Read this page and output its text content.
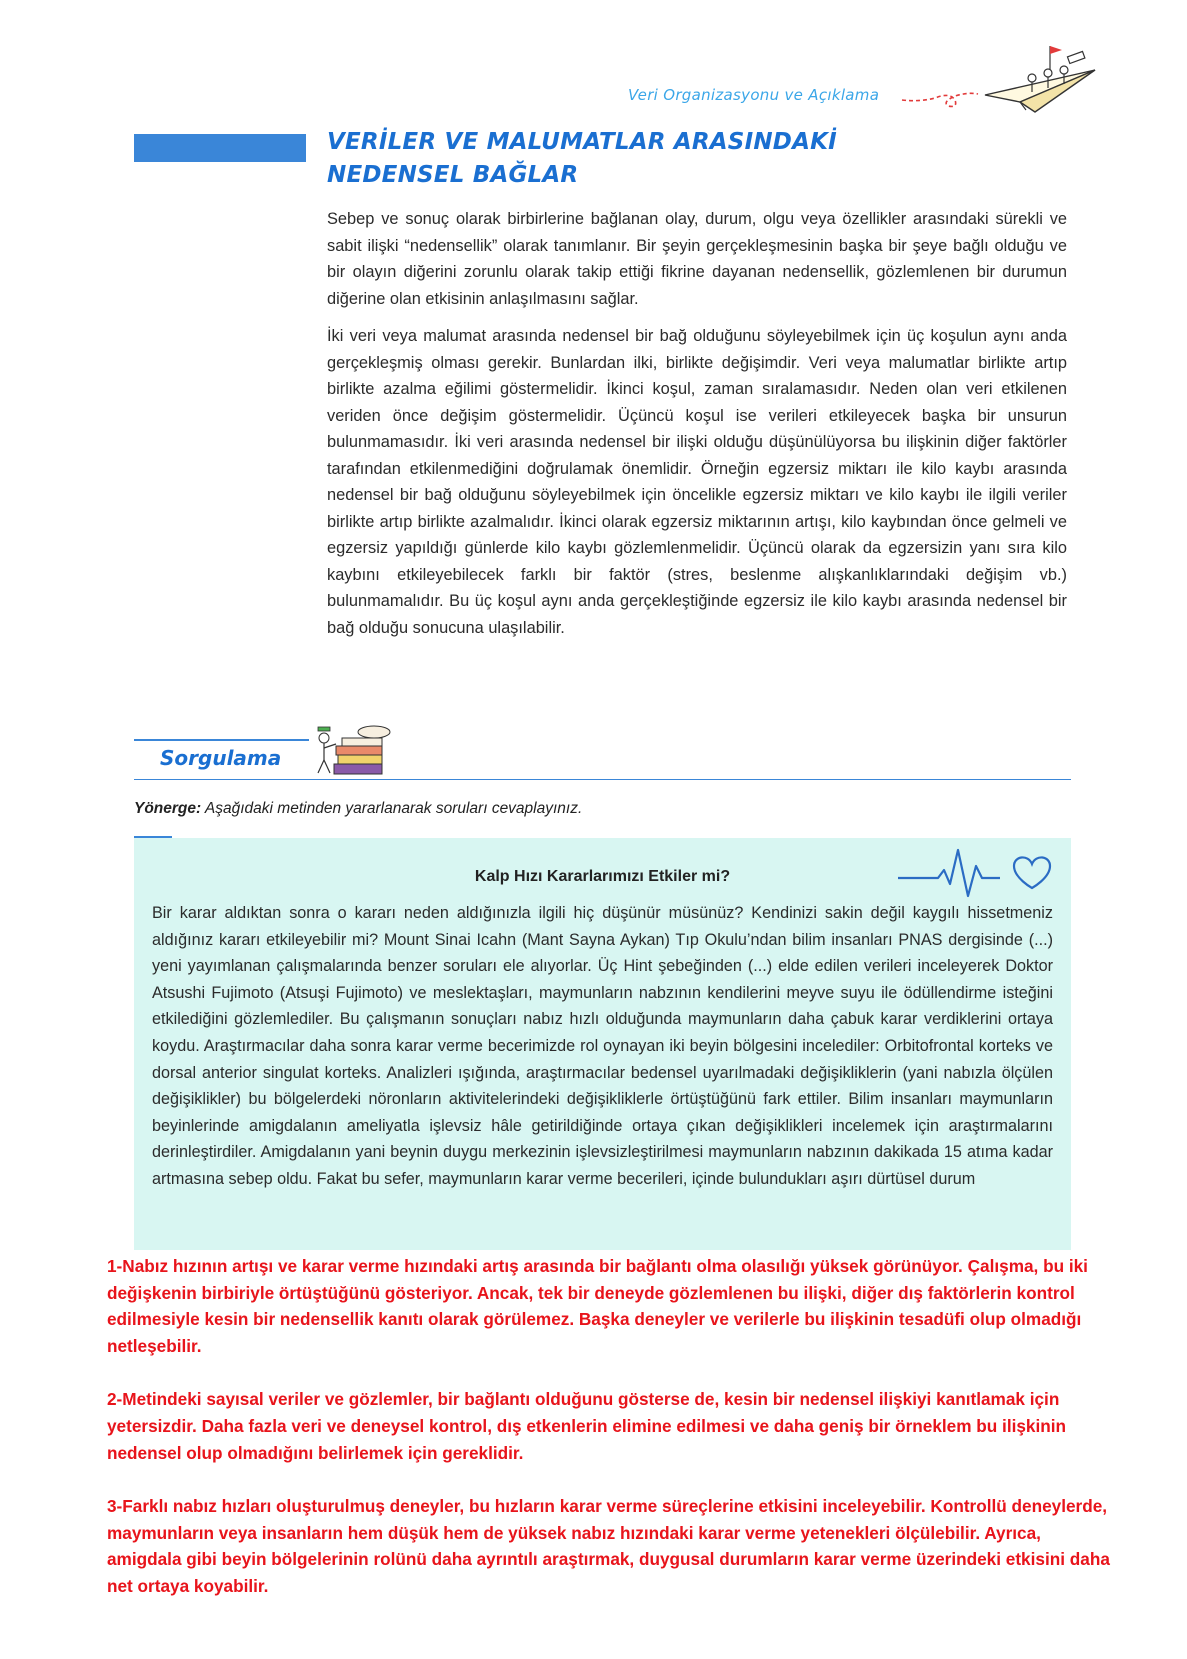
Veri Organizasyonu ve Açıklama
VERİLER VE MALUMATLAR ARASINDAKİ
NEDENSEL BAĞLAR

Sebep ve sonuç olarak birbirlerine bağlanan olay, durum, olgu veya özellikler arasındaki sürekli ve sabit ilişki “nedensellik” olarak tanımlanır. Bir şeyin gerçekleşmesinin başka bir şeye bağlı olduğu ve bir olayın diğerini zorunlu olarak takip ettiği fikrine dayanan nedensellik, gözlemlenen bir durumun diğerine olan etkisinin anlaşılmasını sağlar.

İki veri veya malumat arasında nedensel bir bağ olduğunu söyleyebilmek için üç koşulun aynı anda gerçekleşmiş olması gerekir. Bunlardan ilki, birlikte değişimdir. Veri veya malumatlar birlikte artıp birlikte azalma eğilimi göstermelidir. İkinci koşul, zaman sıralamasıdır. Neden olan veri etkilenen veriden önce değişim göstermelidir. Üçüncü koşul ise verileri etkileyecek başka bir unsurun bulunmamasıdır. İki veri arasında nedensel bir ilişki olduğu düşünülüyorsa bu ilişkinin diğer faktörler tarafından etkilenmediğini doğrulamak önemlidir. Örneğin egzersiz miktarı ile kilo kaybı arasında nedensel bir bağ olduğunu söyleyebilmek için öncelikle egzersiz miktarı ve kilo kaybı ile ilgili veriler birlikte artıp birlikte azalmalıdır. İkinci olarak egzersiz miktarının artışı, kilo kaybından önce gelmeli ve egzersiz yapıldığı günlerde kilo kaybı gözlemlenmelidir. Üçüncü olarak da egzersizin yanı sıra kilo kaybını etkileyebilecek farklı bir faktör (stres, beslenme alışkanlıklarındaki değişim vb.) bulunmamalıdır. Bu üç koşul aynı anda gerçekleştiğinde egzersiz ile kilo kaybı arasında nedensel bir bağ olduğu sonucuna ulaşılabilir.

Sorgulama
Yönerge: Aşağıdaki metinden yararlanarak soruları cevaplayınız.
Kalp Hızı Kararlarımızı Etkiler mi?
Bir karar aldıktan sonra o kararı neden aldığınızla ilgili hiç düşünür müsünüz? Kendinizi sakin değil kaygılı hissetmeniz aldığınız kararı etkileyebilir mi? Mount Sinai Icahn (Mant Sayna Aykan) Tıp Okulu’ndan bilim insanları PNAS dergisinde (...) yeni yayımlanan çalışmalarında benzer soruları ele alıyorlar. Üç Hint şebeğinden (...) elde edilen verileri inceleyerek Doktor Atsushi Fujimoto (Atsuşi Fujimoto) ve meslektaşları, maymunların nabzının kendilerini meyve suyu ile ödüllendirme isteğini etkilediğini gözlemlediler. Bu çalışmanın sonuçları nabız hızlı olduğunda maymunların daha çabuk karar verdiklerini ortaya koydu. Araştırmacılar daha sonra karar verme becerimizde rol oynayan iki beyin bölgesini incelediler: Orbitofrontal korteks ve dorsal anterior singulat korteks. Analizleri ışığında, araştırmacılar bedensel uyarılmadaki değişikliklerin (yani nabızla ölçülen değişiklikler) bu bölgelerdeki nöronların aktivitelerindeki değişikliklerle örtüştüğünü fark ettiler. Bilim insanları maymunların beyinlerinde amigdalanın ameliyatla işlevsiz hâle getirildiğinde ortaya çıkan değişiklikleri incelemek için araştırmalarını derinleştirdiler. Amigdalanın yani beynin duygu merkezinin işlevsizleştirilmesi maymunların nabzının dakikada 15 atıma kadar artmasına sebep oldu. Fakat bu sefer, maymunların karar verme becerileri, içinde bulundukları aşırı dürtüsel durum

1-Nabız hızının artışı ve karar verme hızındaki artış arasında bir bağlantı olma olasılığı yüksek görünüyor. Çalışma, bu iki değişkenin birbiriyle örtüştüğünü gösteriyor. Ancak, tek bir deneyde gözlemlenen bu ilişki, diğer dış faktörlerin kontrol edilmesiyle kesin bir nedensellik kanıtı olarak görülemez. Başka deneyler ve verilerle bu ilişkinin tesadüfi olup olmadığı netleşebilir.

2-Metindeki sayısal veriler ve gözlemler, bir bağlantı olduğunu gösterse de, kesin bir nedensel ilişkiyi kanıtlamak için yetersizdir. Daha fazla veri ve deneysel kontrol, dış etkenlerin elimine edilmesi ve daha geniş bir örneklem bu ilişkinin nedensel olup olmadığını belirlemek için gereklidir.

3-Farklı nabız hızları oluşturulmuş deneyler, bu hızların karar verme süreçlerine etkisini inceleyebilir. Kontrollü deneylerde, maymunların veya insanların hem düşük hem de yüksek nabız hızındaki karar verme yetenekleri ölçülebilir. Ayrıca, amigdala gibi beyin bölgelerinin rolünü daha ayrıntılı araştırmak, duygusal durumların karar verme üzerindeki etkisini daha net ortaya koyabilir.
